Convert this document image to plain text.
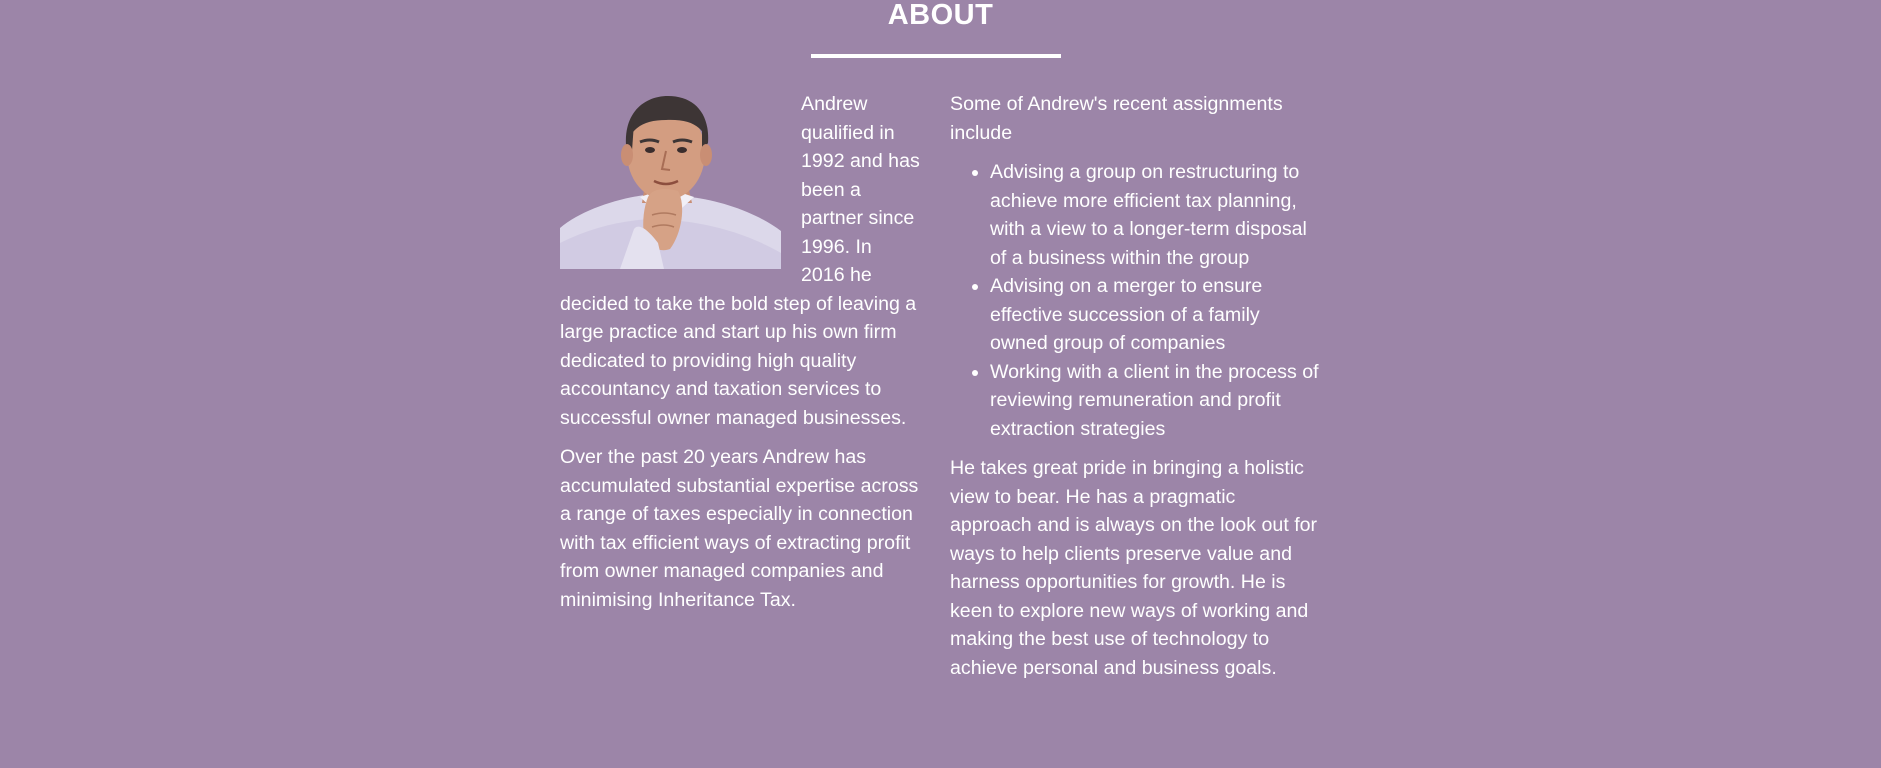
ABOUT

Andrew qualified in 1992 and has been a partner since 1996. In 2016 he decided to take the bold step of leaving a large practice and start up his own firm dedicated to providing high quality accountancy and taxation services to successful owner managed businesses.

Over the past 20 years Andrew has accumulated substantial expertise across a range of taxes especially in connection with tax efficient ways of extracting profit from owner managed companies and minimising Inheritance Tax.

Some of Andrew's recent assignments include

• Advising a group on restructuring to achieve more efficient tax planning, with a view to a longer-term disposal of a business within the group
• Advising on a merger to ensure effective succession of a family owned group of companies
• Working with a client in the process of reviewing remuneration and profit extraction strategies

He takes great pride in bringing a holistic view to bear. He has a pragmatic approach and is always on the look out for ways to help clients preserve value and harness opportunities for growth. He is keen to explore new ways of working and making the best use of technology to achieve personal and business goals.
